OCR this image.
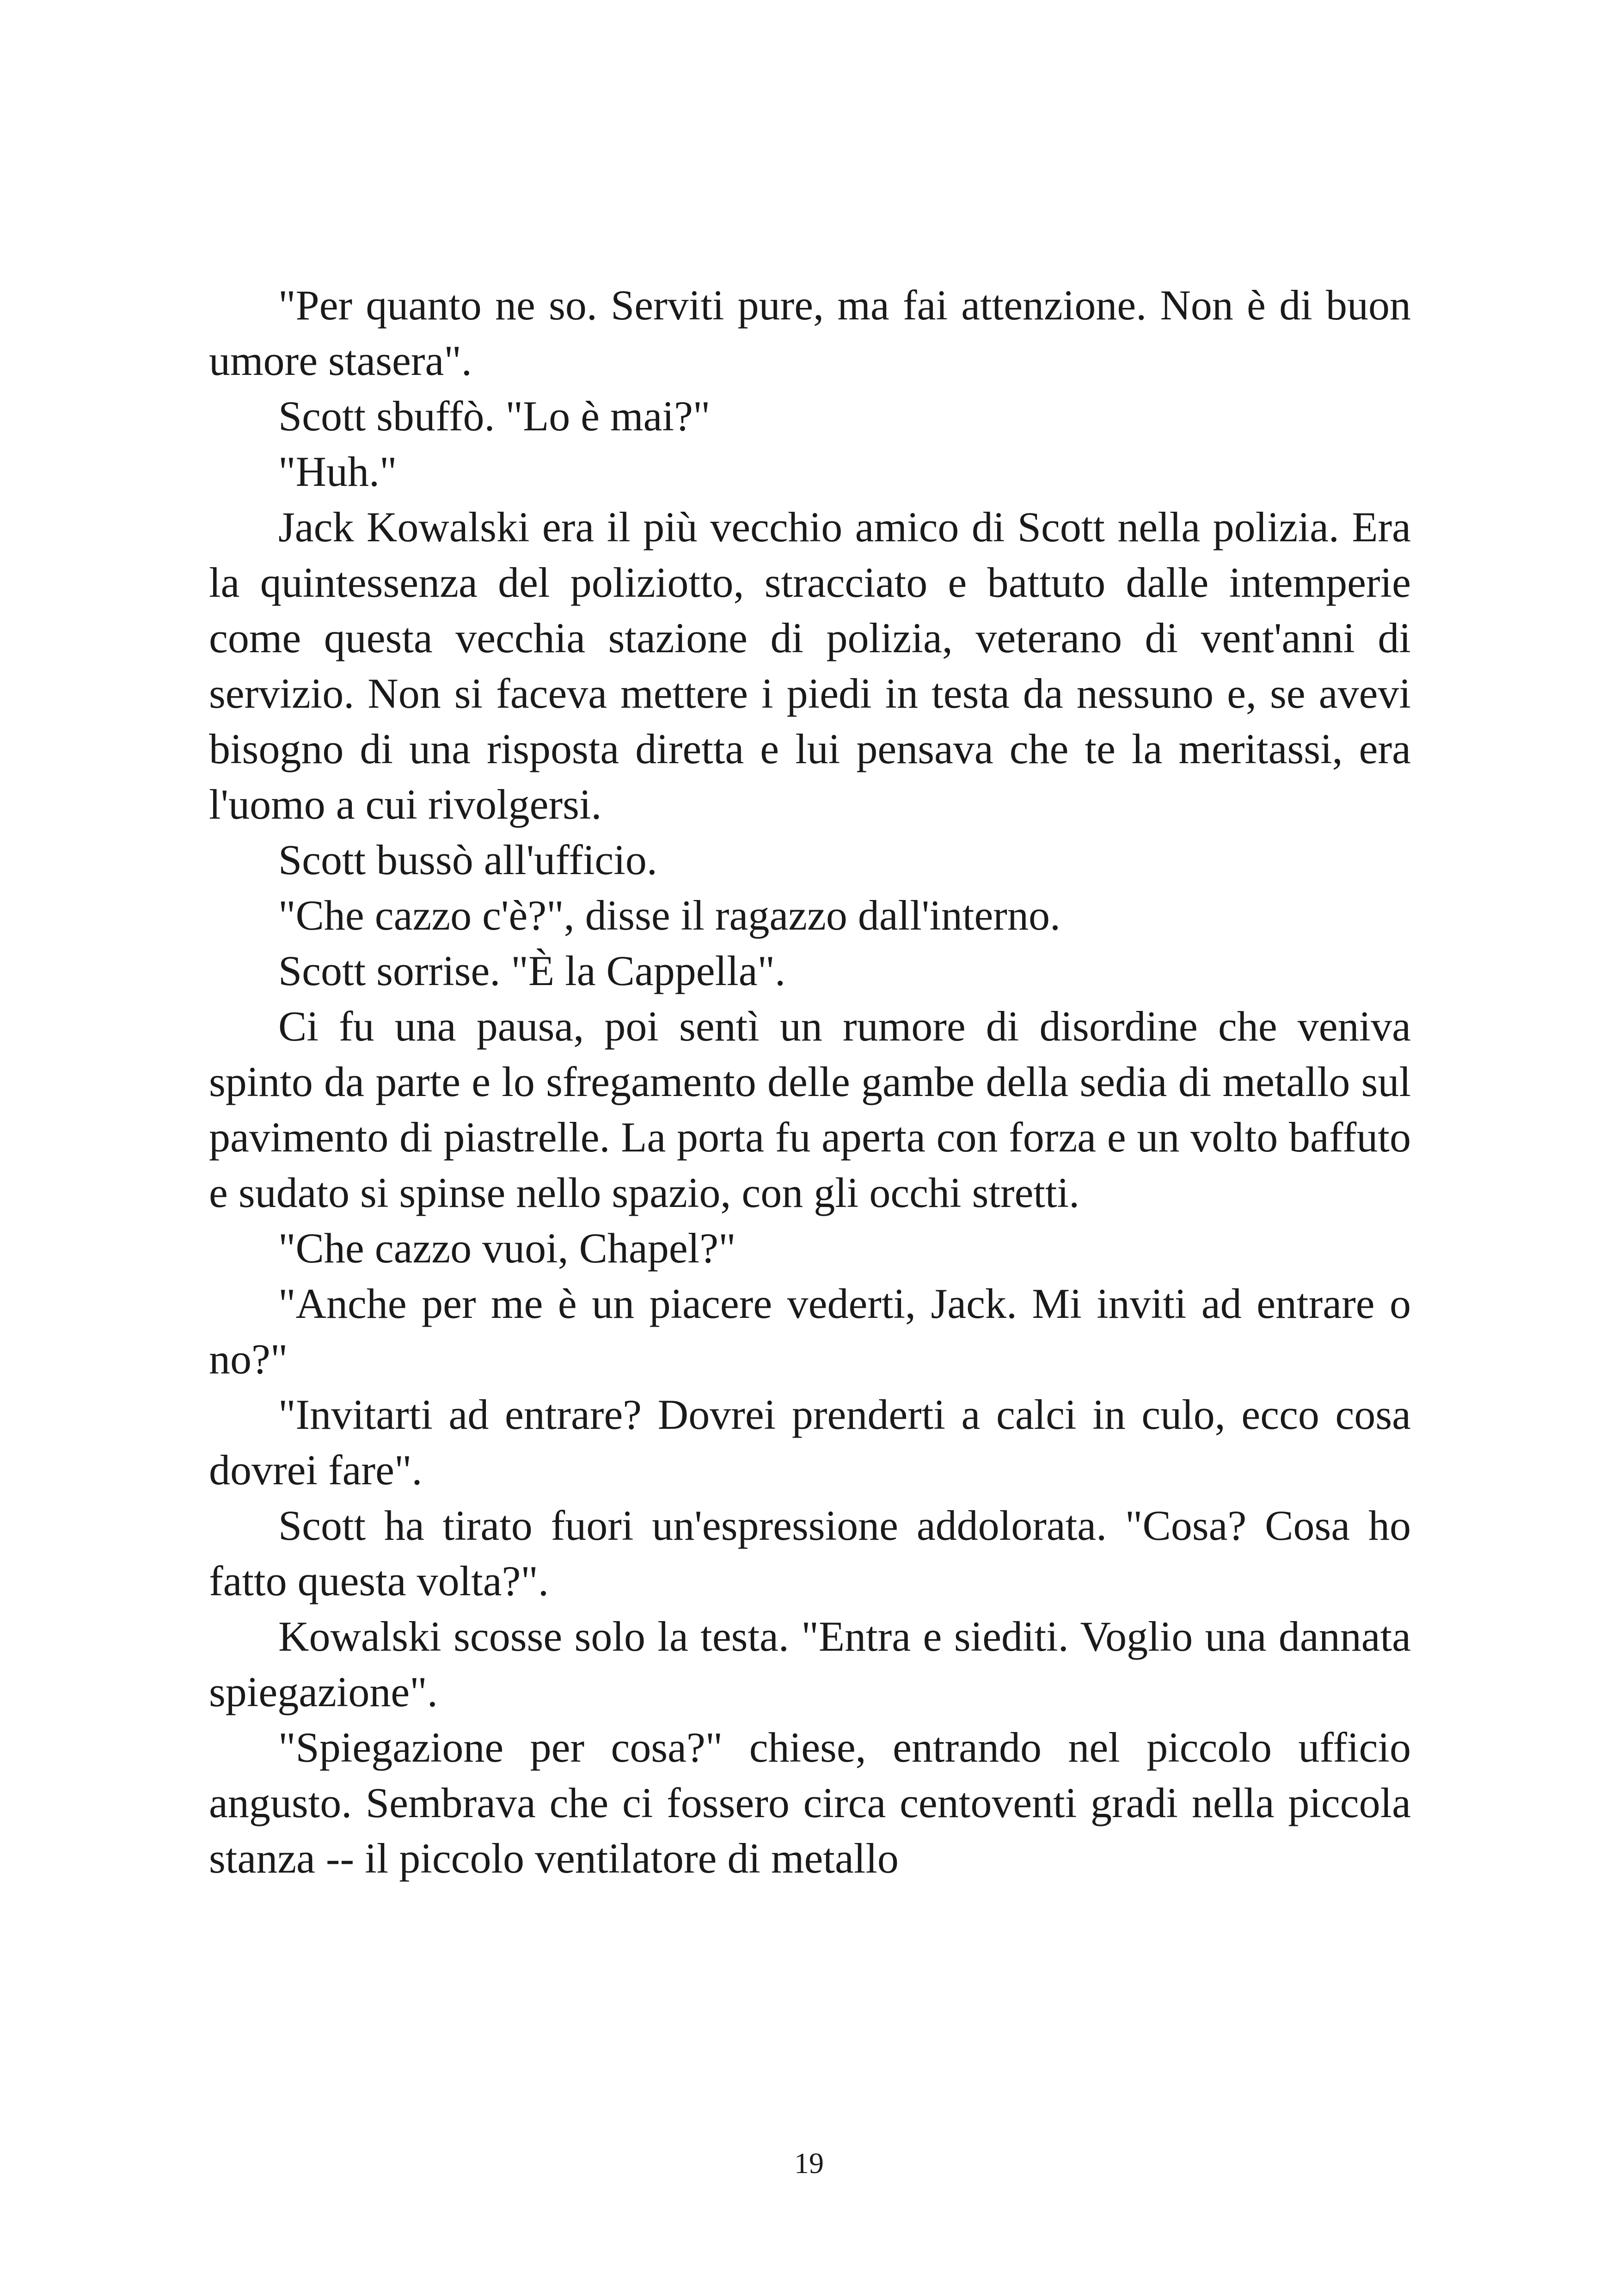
"Per quanto ne so. Serviti pure, ma fai attenzione. Non è di buon umore stasera".

Scott sbuffò. "Lo è mai?"

"Huh."

Jack Kowalski era il più vecchio amico di Scott nella polizia. Era la quintessenza del poliziotto, stracciato e battuto dalle intemperie come questa vecchia stazione di polizia, veterano di vent'anni di servizio. Non si faceva mettere i piedi in testa da nessuno e, se avevi bisogno di una risposta diretta e lui pensava che te la meritassi, era l'uomo a cui rivolgersi.

Scott bussò all'ufficio.

"Che cazzo c'è?", disse il ragazzo dall'interno.

Scott sorrise. "È la Cappella".

Ci fu una pausa, poi sentì un rumore di disordine che veniva spinto da parte e lo sfregamento delle gambe della sedia di metallo sul pavimento di piastrelle. La porta fu aperta con forza e un volto baffuto e sudato si spinse nello spazio, con gli occhi stretti.

"Che cazzo vuoi, Chapel?"

"Anche per me è un piacere vederti, Jack. Mi inviti ad entrare o no?"

"Invitarti ad entrare? Dovrei prenderti a calci in culo, ecco cosa dovrei fare".

Scott ha tirato fuori un'espressione addolorata. "Cosa? Cosa ho fatto questa volta?".

Kowalski scosse solo la testa. "Entra e siediti. Voglio una dannata spiegazione".

"Spiegazione per cosa?" chiese, entrando nel piccolo ufficio angusto. Sembrava che ci fossero circa centoventi gradi nella piccola stanza -- il piccolo ventilatore di metallo

19
